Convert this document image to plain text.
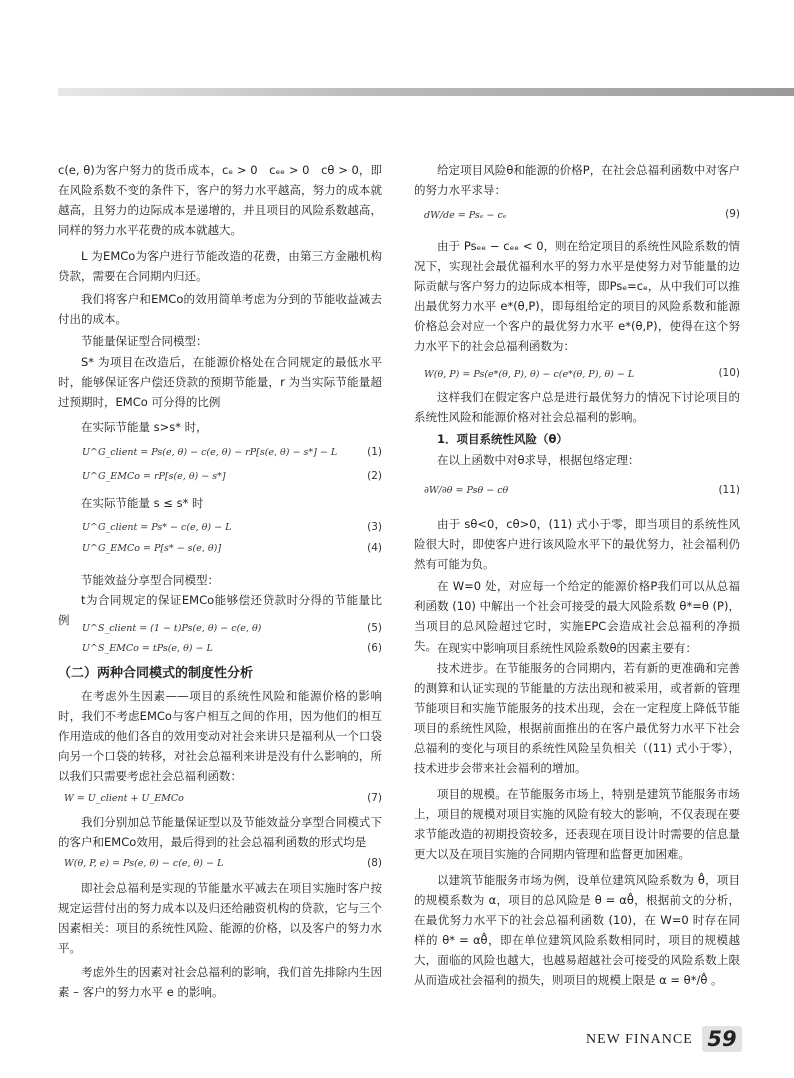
c(e, θ)为客户努力的货币成本，cₑ > 0　cₑₑ > 0　cθ > 0，即在风险系数不变的条件下，客户的努力水平越高，努力的成本就越高，且努力的边际成本是递增的，并且项目的风险系数越高，同样的努力水平花费的成本就越大。
L 为EMCo为客户进行节能改造的花费，由第三方金融机构贷款，需要在合同期内归还。
我们将客户和EMCo的效用简单考虑为分到的节能收益减去付出的成本。
节能量保证型合同模型：
S* 为项目在改造后，在能源价格处在合同规定的最低水平时，能够保证客户偿还贷款的预期节能量，r 为当实际节能量超过预期时，EMCo 可分得的比例
在实际节能量 s>s* 时，
U^G_client = Ps(e, θ) − c(e, θ) − rP[s(e, θ) − s*] − L	(1)
U^G_EMCo = rP[s(e, θ) − s*]	(2)
在实际节能量 s ≤ s* 时
U^G_client = Ps* − c(e, θ) − L	(3)
U^G_EMCo = P[s* − s(e, θ)]	(4)
节能效益分享型合同模型：
t为合同规定的保证EMCo能够偿还贷款时分得的节能量比例
U^S_client = (1 − t)Ps(e, θ) − c(e, θ)	(5)
U^S_EMCo = tPs(e, θ) − L	(6)
（二）两种合同模式的制度性分析
在考虑外生因素——项目的系统性风险和能源价格的影响时，我们不考虑EMCo与客户相互之间的作用，因为他们的相互作用造成的他们各自的效用变动对社会来讲只是福利从一个口袋向另一个口袋的转移，对社会总福利来讲是没有什么影响的，所以我们只需要考虑社会总福利函数：
W = U_client + U_EMCo	(7)
我们分别加总节能量保证型以及节能效益分享型合同模式下的客户和EMCo效用，最后得到的社会总福利函数的形式均是
W(θ, P, e) = Ps(e, θ) − c(e, θ) − L	(8)
即社会总福利是实现的节能量水平减去在项目实施时客户按规定运营付出的努力成本以及归还给融资机构的贷款，它与三个因素相关：项目的系统性风险、能源的价格，以及客户的努力水平。
考虑外生的因素对社会总福利的影响，我们首先排除内生因素 – 客户的努力水平 e 的影响。
给定项目风险θ和能源的价格P，在社会总福利函数中对客户的努力水平求导：
dW/de = Psₑ − cₑ	(9)
由于 Psₑₑ − cₑₑ < 0，则在给定项目的系统性风险系数的情况下，实现社会最优福利水平的努力水平是使努力对节能量的边际贡献与客户努力的边际成本相等，即Psₑ=cₑ，从中我们可以推出最优努力水平 e*(θ,P)，即每组给定的项目的风险系数和能源价格总会对应一个客户的最优努力水平 e*(θ,P)，使得在这个努力水平下的社会总福利函数为：
W(θ, P) = Ps(e*(θ, P), θ) − c(e*(θ, P), θ) − L	(10)
这样我们在假定客户总是进行最优努力的情况下讨论项目的系统性风险和能源价格对社会总福利的影响。
1．项目系统性风险（θ）
在以上函数中对θ求导，根据包络定理：
∂W/∂θ = Psθ − cθ	(11)
由于 sθ<0，cθ>0，(11) 式小于零，即当项目的系统性风险很大时，即使客户进行该风险水平下的最优努力，社会福利仍然有可能为负。
在 W=0 处，对应每一个给定的能源价格P我们可以从总福利函数 (10) 中解出一个社会可接受的最大风险系数 θ*=θ (P)，当项目的总风险超过它时，实施EPC会造成社会总福利的净损失。 在现实中影响项目系统性风险系数θ的因素主要有：
技术进步。在节能服务的合同期内，若有新的更准确和完善的测算和认证实现的节能量的方法出现和被采用，或者新的管理节能项目和实施节能服务的技术出现，会在一定程度上降低节能项目的系统性风险，根据前面推出的在客户最优努力水平下社会总福利的变化与项目的系统性风险呈负相关（(11) 式小于零），技术进步会带来社会福利的增加。
项目的规模。在节能服务市场上，特别是建筑节能服务市场上，项目的规模对项目实施的风险有较大的影响，不仅表现在要求节能改造的初期投资较多，还表现在项目设计时需要的信息量更大以及在项目实施的合同期内管理和监督更加困难。
以建筑节能服务市场为例，设单位建筑风险系数为 θ̂，项目的规模系数为 α，项目的总风险是 θ = αθ̂，根据前文的分析，在最优努力水平下的社会总福利函数 (10)，在 W=0 时存在同样的 θ* = αθ̂，即在单位建筑风险系数相同时，项目的规模越大，面临的风险也越大，也越易超越社会可接受的风险系数上限从而造成社会福利的损失，则项目的规模上限是 α = θ*/θ̂ 。
NEW FINANCE 59
